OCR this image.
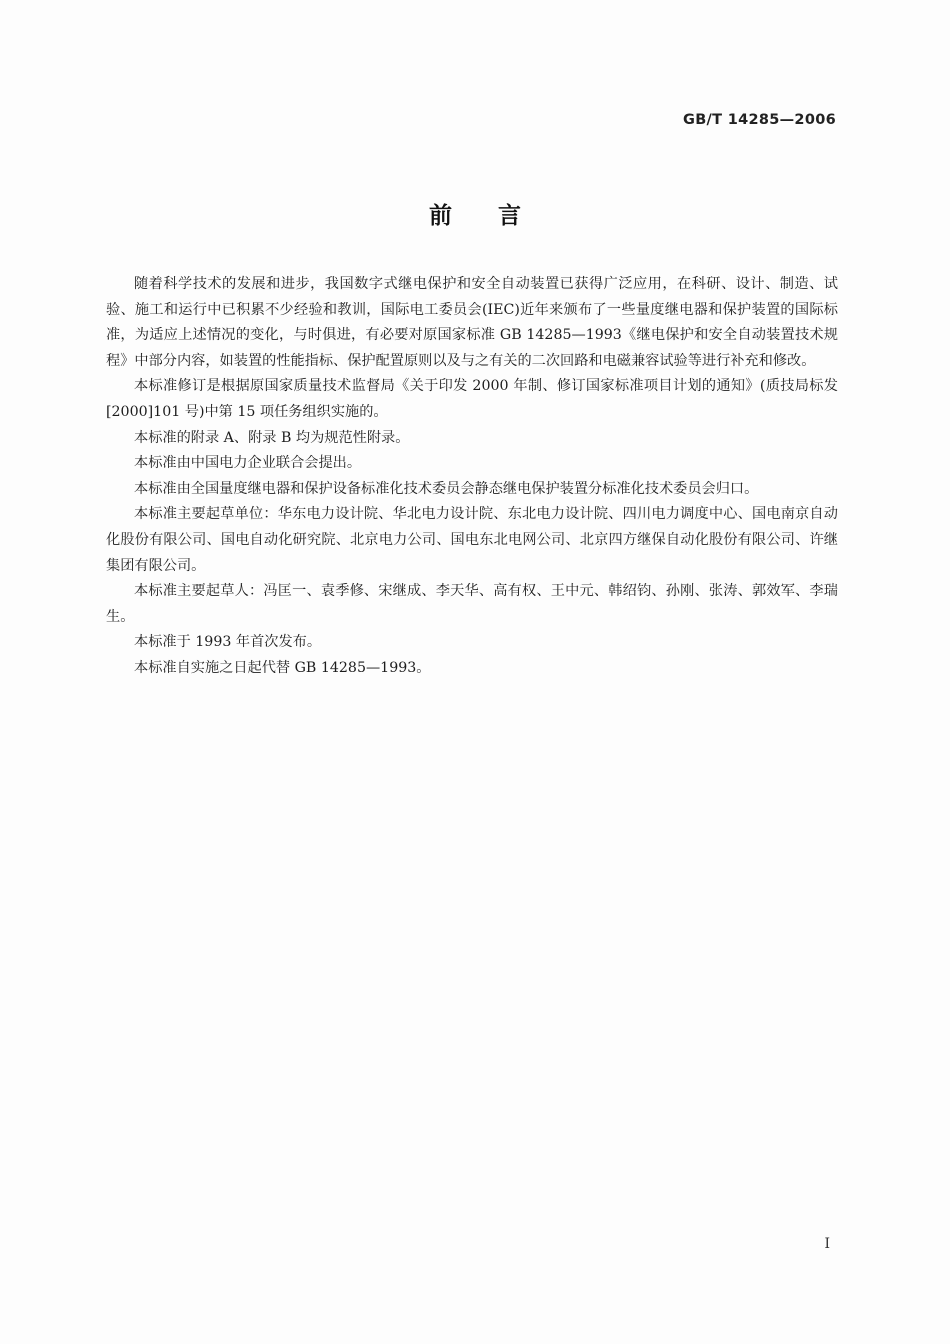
GB/T 14285—2006
前言

随着科学技术的发展和进步，我国数字式继电保护和安全自动装置已获得广泛应用，在科研、设计、制造、试验、施工和运行中已积累不少经验和教训，国际电工委员会(IEC)近年来颁布了一些量度继电器和保护装置的国际标准，为适应上述情况的变化，与时俱进，有必要对原国家标准 GB 14285—1993《继电保护和安全自动装置技术规程》中部分内容，如装置的性能指标、保护配置原则以及与之有关的二次回路和电磁兼容试验等进行补充和修改。

本标准修订是根据原国家质量技术监督局《关于印发 2000 年制、修订国家标准项目计划的通知》(质技局标发[2000]101 号)中第 15 项任务组织实施的。

本标准的附录 A、附录 B 均为规范性附录。

本标准由中国电力企业联合会提出。

本标准由全国量度继电器和保护设备标准化技术委员会静态继电保护装置分标准化技术委员会归口。

本标准主要起草单位：华东电力设计院、华北电力设计院、东北电力设计院、四川电力调度中心、国电南京自动化股份有限公司、国电自动化研究院、北京电力公司、国电东北电网公司、北京四方继保自动化股份有限公司、许继集团有限公司。

本标准主要起草人：冯匡一、袁季修、宋继成、李天华、高有权、王中元、韩绍钧、孙刚、张涛、郭效军、李瑞生。

本标准于 1993 年首次发布。

本标准自实施之日起代替 GB 14285—1993。

I
